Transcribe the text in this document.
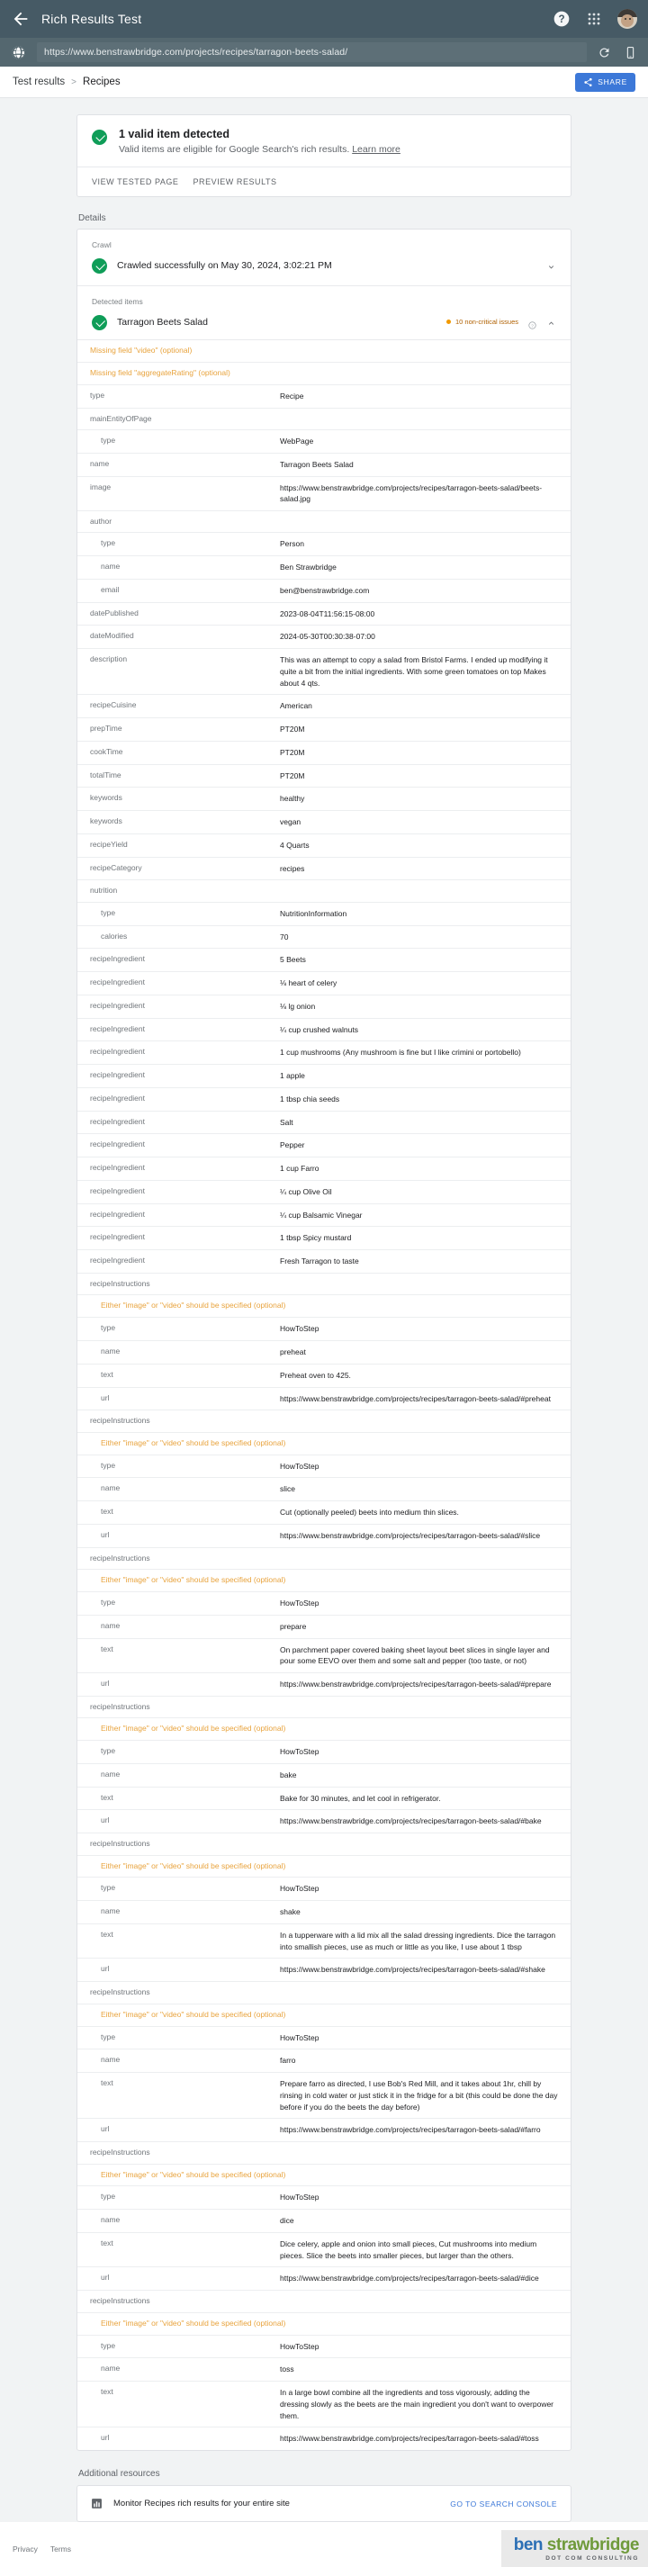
Rich Results Test	?
https://www.benstrawbridge.com/projects/recipes/tarragon-beets-salad/
Test results > Recipes	SHARE
1 valid item detected
Valid items are eligible for Google Search's rich results. Learn more
VIEW TESTED PAGE PREVIEW RESULTS
Details
Crawl
Crawled successfully on May 30, 2024, 3:02:21 PM
Detected items
Tarragon Beets Salad	10 non-critical issues
?
Missing field "video" (optional)
Missing field "aggregateRating" (optional)
type	Recipe
mainEntityOfPage
type	WebPage
name	Tarragon Beets Salad
image	https://www.benstrawbridge.com/projects/recipes/tarragon-beets-salad/beets-salad.jpg
author
type	Person
name	Ben Strawbridge
email	ben@benstrawbridge.com
datePublished	2023-08-04T11:56:15-08:00
dateModified	2024-05-30T00:30:38-07:00
description	This was an attempt to copy a salad from Bristol Farms. I ended up modifying it quite a bit from the initial ingredients. With some green tomatoes on top Makes about 4 qts.
recipeCuisine	American
prepTime	PT20M
cookTime	PT20M
totalTime	PT20M
keywords	healthy
keywords	vegan
recipeYield	4 Quarts
recipeCategory	recipes
nutrition
type	NutritionInformation
calories	70
recipeIngredient	5 Beets
recipeIngredient	⅛ heart of celery
recipeIngredient	⅛ lg onion
recipeIngredient	¼ cup crushed walnuts
recipeIngredient	1 cup mushrooms (Any mushroom is fine but I like crimini or portobello)
recipeIngredient	1 apple
recipeIngredient	1 tbsp chia seeds
recipeIngredient	Salt
recipeIngredient	Pepper
recipeIngredient	1 cup Farro
recipeIngredient	¼ cup Olive Oil
recipeIngredient	¼ cup Balsamic Vinegar
recipeIngredient	1 tbsp Spicy mustard
recipeIngredient	Fresh Tarragon to taste
recipeInstructions
Either "image" or "video" should be specified (optional)
type	HowToStep
name	preheat
text	Preheat oven to 425.
url	https://www.benstrawbridge.com/projects/recipes/tarragon-beets-salad/#preheat
recipeInstructions
Either "image" or "video" should be specified (optional)
type	HowToStep
name	slice
text	Cut (optionally peeled) beets into medium thin slices.
url	https://www.benstrawbridge.com/projects/recipes/tarragon-beets-salad/#slice
recipeInstructions
Either "image" or "video" should be specified (optional)
type	HowToStep
name	prepare
text	On parchment paper covered baking sheet layout beet slices in single layer and pour some EEVO over them and some salt and pepper (too taste, or not)
url	https://www.benstrawbridge.com/projects/recipes/tarragon-beets-salad/#prepare
recipeInstructions
Either "image" or "video" should be specified (optional)
type	HowToStep
name	bake
text	Bake for 30 minutes, and let cool in refrigerator.
url	https://www.benstrawbridge.com/projects/recipes/tarragon-beets-salad/#bake
recipeInstructions
Either "image" or "video" should be specified (optional)
type	HowToStep
name	shake
text	In a tupperware with a lid mix all the salad dressing ingredients. Dice the tarragon into smallish pieces, use as much or little as you like, I use about 1 tbsp
url	https://www.benstrawbridge.com/projects/recipes/tarragon-beets-salad/#shake
recipeInstructions
Either "image" or "video" should be specified (optional)
type	HowToStep
name	farro
text	Prepare farro as directed, I use Bob's Red Mill, and it takes about 1hr, chill by rinsing in cold water or just stick it in the fridge for a bit (this could be done the day before if you do the beets the day before)
url	https://www.benstrawbridge.com/projects/recipes/tarragon-beets-salad/#farro
recipeInstructions
Either "image" or "video" should be specified (optional)
type	HowToStep
name	dice
text	Dice celery, apple and onion into small pieces, Cut mushrooms into medium pieces. Slice the beets into smaller pieces, but larger than the others.
url	https://www.benstrawbridge.com/projects/recipes/tarragon-beets-salad/#dice
recipeInstructions
Either "image" or "video" should be specified (optional)
type	HowToStep
name	toss
text	In a large bowl combine all the ingredients and toss vigorously, adding the dressing slowly as the beets are the main ingredient you don't want to overpower them.
url	https://www.benstrawbridge.com/projects/recipes/tarragon-beets-salad/#toss
Additional resources
Monitor Recipes rich results for your entire site	GO TO SEARCH CONSOLE
Privacy Terms	ben strawbridge
DOT COM CONSULTING
